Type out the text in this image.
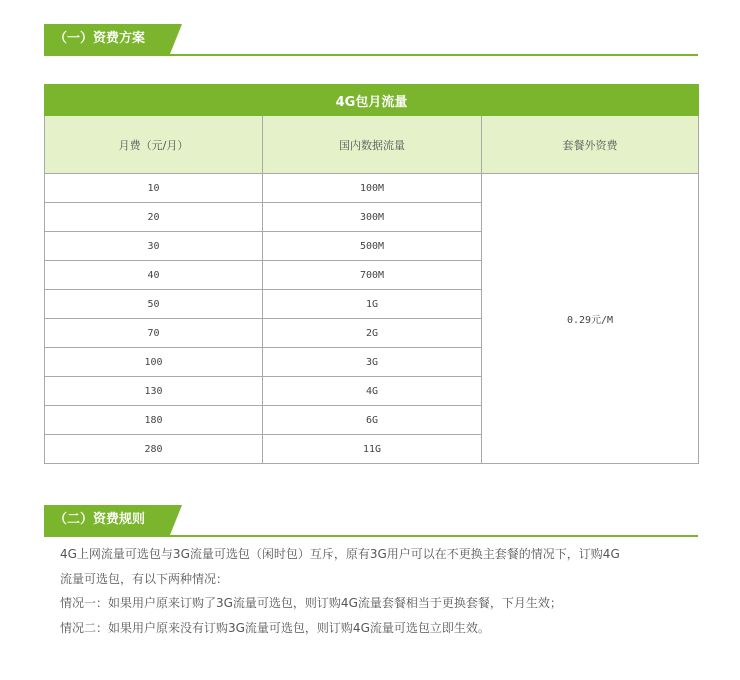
（一）资费方案
4G包月流量		
月费（元/月）	国内数据流量	套餐外资费
10	100M	0.29元/M
20	300M	
30	500M	
40	700M	
50	1G	
70	2G	
100	3G	
130	4G	
180	6G	
280	11G	
（二）资费规则

4G上网流量可选包与3G流量可选包（闲时包）互斥，原有3G用户可以在不更换主套餐的情况下，订购4G

流量可选包，有以下两种情况：

情况一：如果用户原来订购了3G流量可选包，则订购4G流量套餐相当于更换套餐，下月生效；

情况二：如果用户原来没有订购3G流量可选包，则订购4G流量可选包立即生效。
